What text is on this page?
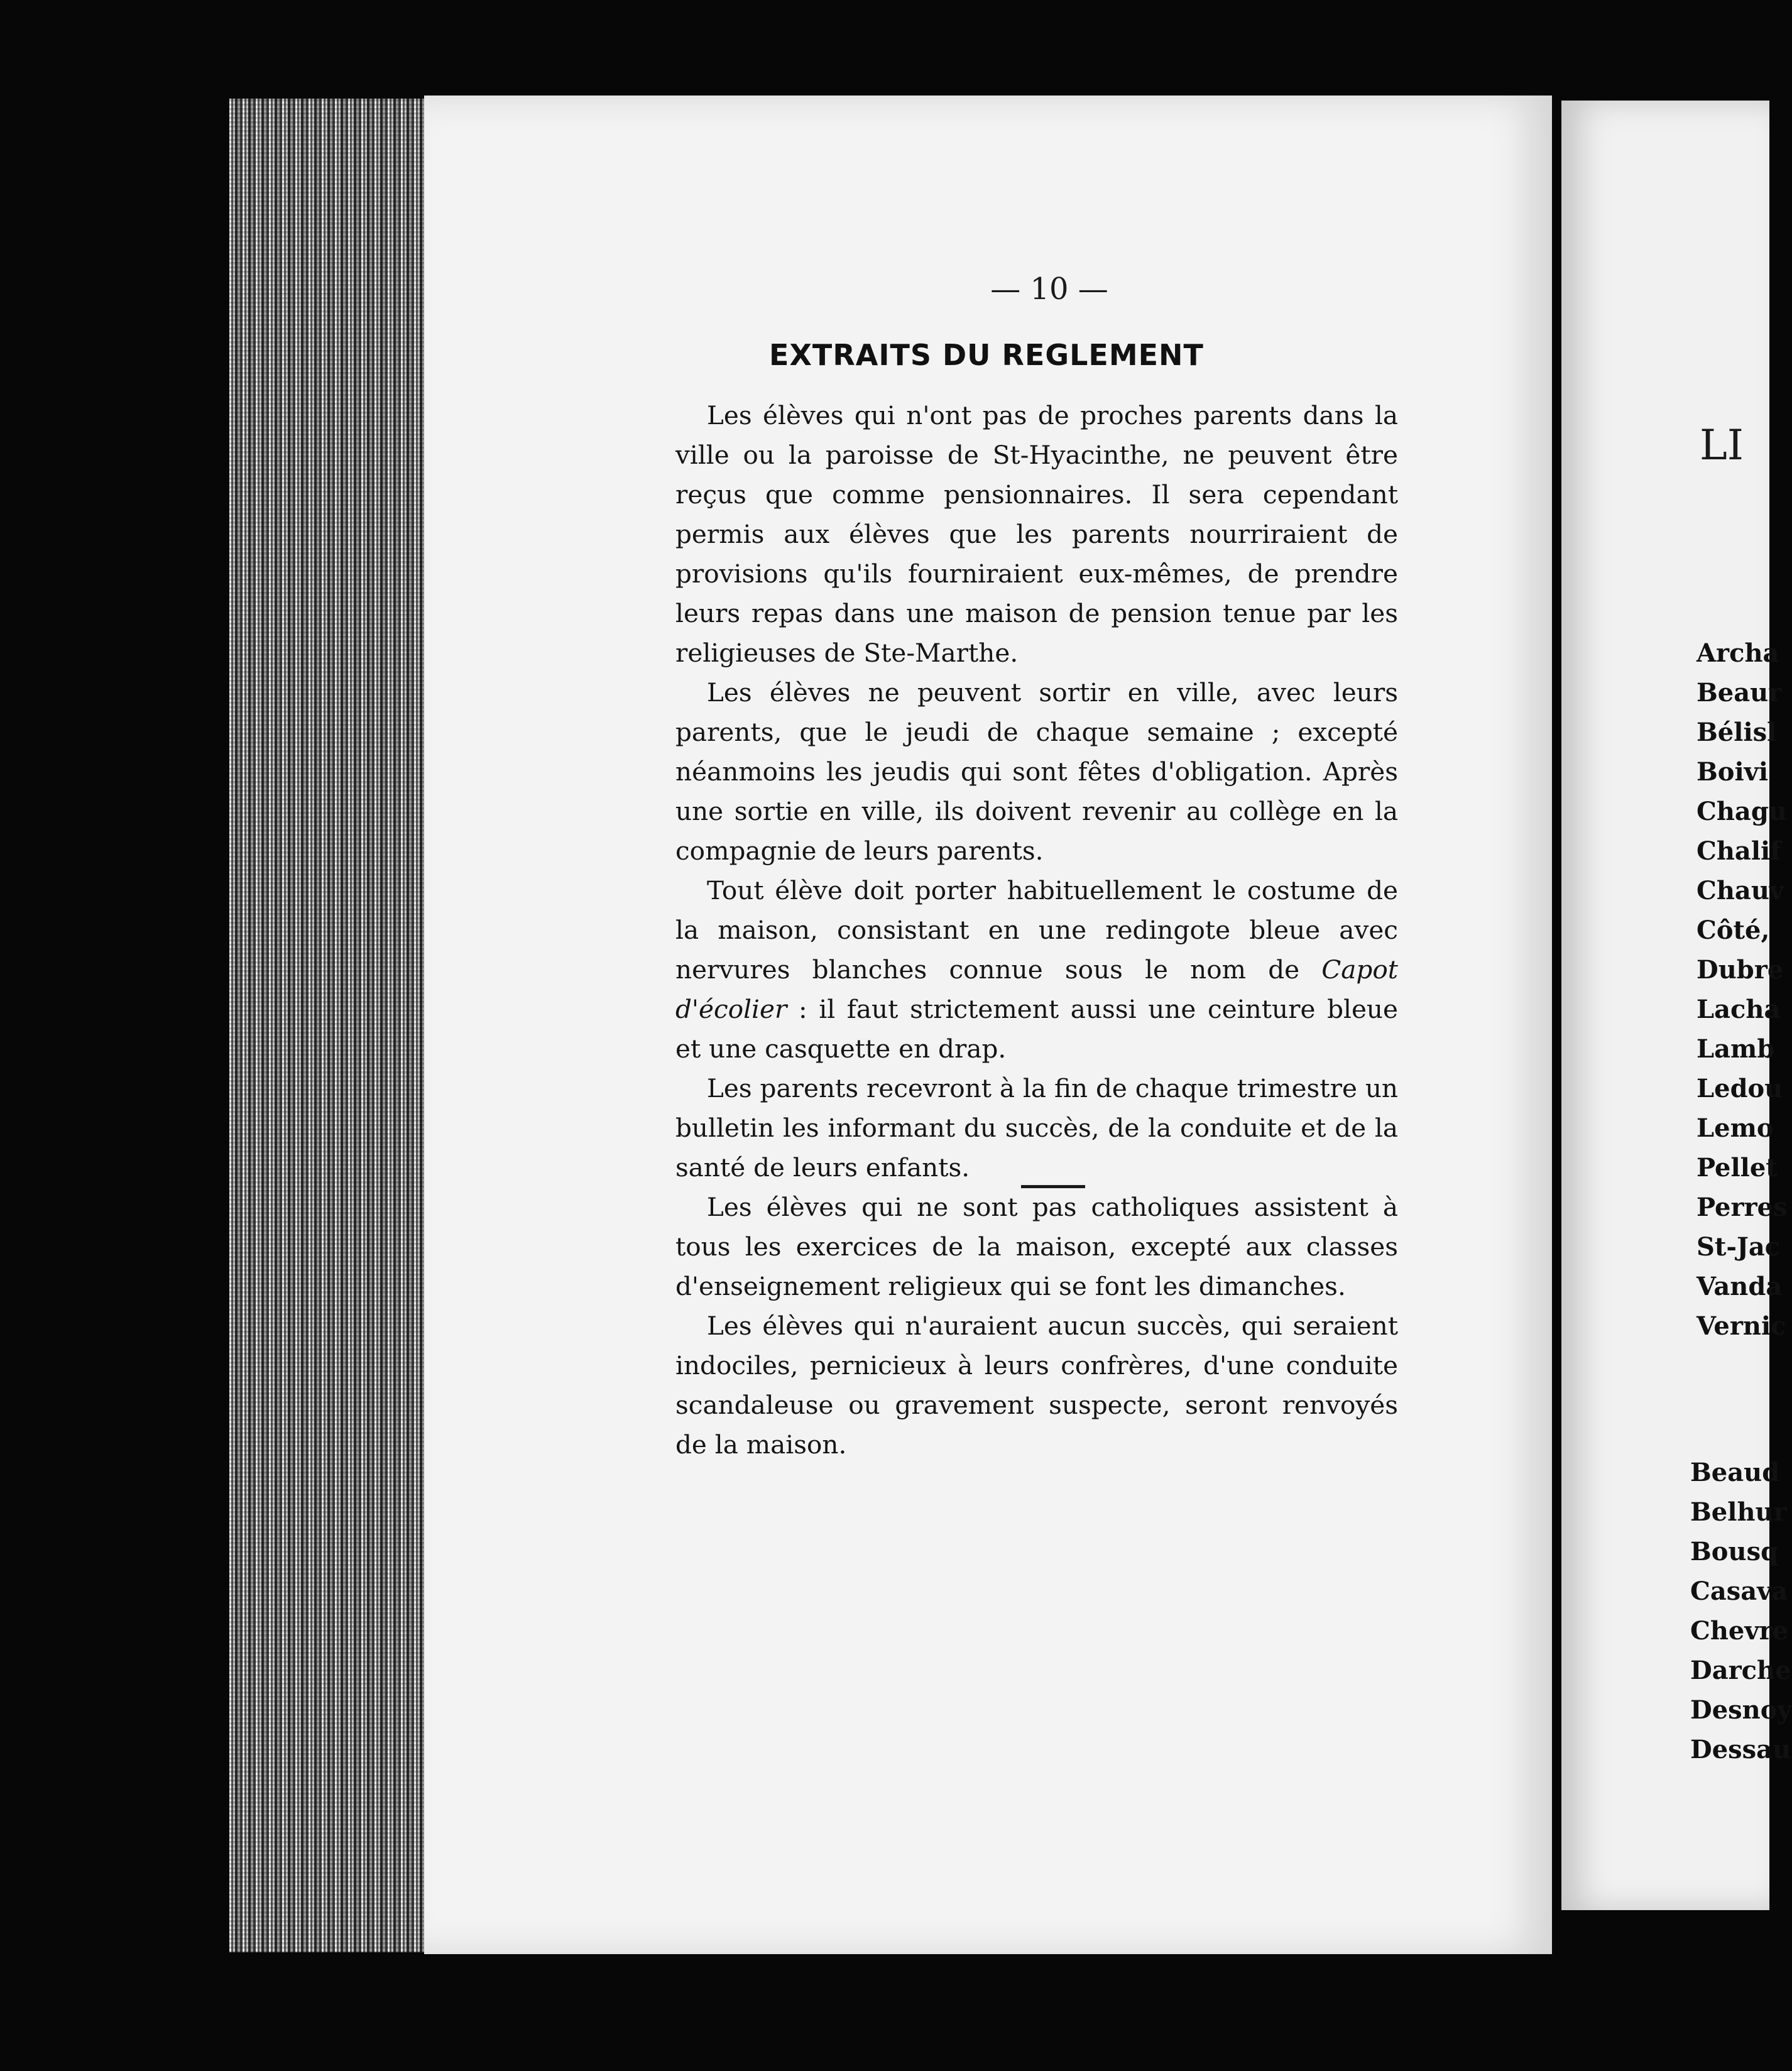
— 10 —
EXTRAITS DU REGLEMENT

Les élèves qui n'ont pas de proches parents dans la ville ou la paroisse de St-Hyacinthe, ne peuvent être reçus que comme pensionnaires. Il sera cependant permis aux élèves que les parents nourriraient de provisions qu'ils fourniraient eux-mêmes, de prendre leurs repas dans une maison de pension tenue par les religieuses de Ste-Marthe.

Les élèves ne peuvent sortir en ville, avec leurs parents, que le jeudi de chaque semaine ; excepté néanmoins les jeudis qui sont fêtes d'obligation. Après une sortie en ville, ils doivent revenir au collège en la compagnie de leurs parents.

Tout élève doit porter habituellement le costume de la maison, consistant en une redingote bleue avec nervures blanches connue sous le nom de Capot d'écolier : il faut strictement aussi une ceinture bleue et une casquette en drap.

Les parents recevront à la fin de chaque trimestre un bulletin les informant du succès, de la conduite et de la santé de leurs enfants.

Les élèves qui ne sont pas catholiques assistent à tous les exercices de la maison, excepté aux classes d'enseignement religieux qui se font les dimanches.

Les élèves qui n'auraient aucun succès, qui seraient indociles, pernicieux à leurs confrères, d'une conduite scandaleuse ou gravement suspecte, seront renvoyés de la maison.

LI
Archa
Beaur
Bélisl
Boivi
Chagu
Chalif
Chauv
Côté,
Dubre
Lacha
Lamb
Ledou
Lemo
Pellet
Perres
St-Jac
Vanda
Vernic
Beaud
Belhur
Bousq
Casava
Chevre
Darche
Desnoy
Dessau
